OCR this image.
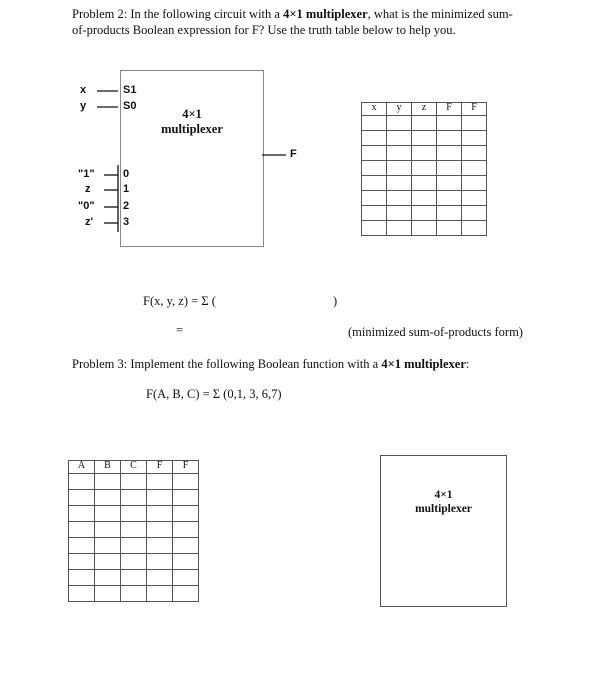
Problem 2: In the following circuit with a 4×1 multiplexer, what is the minimized sum-
of-products Boolean expression for F? Use the truth table below to help you.
4×1
multiplexer
x
y
S1
S0
"1"
z
"0"
z'
0
1
2
3
F
x	y	z	F	F

F(x, y, z) = Σ (	)
=	(minimized sum-of-products form)
Problem 3: Implement the following Boolean function with a 4×1 multiplexer:
F(A, B, C) = Σ (0,1, 3, 6,7)
A	B	C	F	F

4×1
multiplexer
